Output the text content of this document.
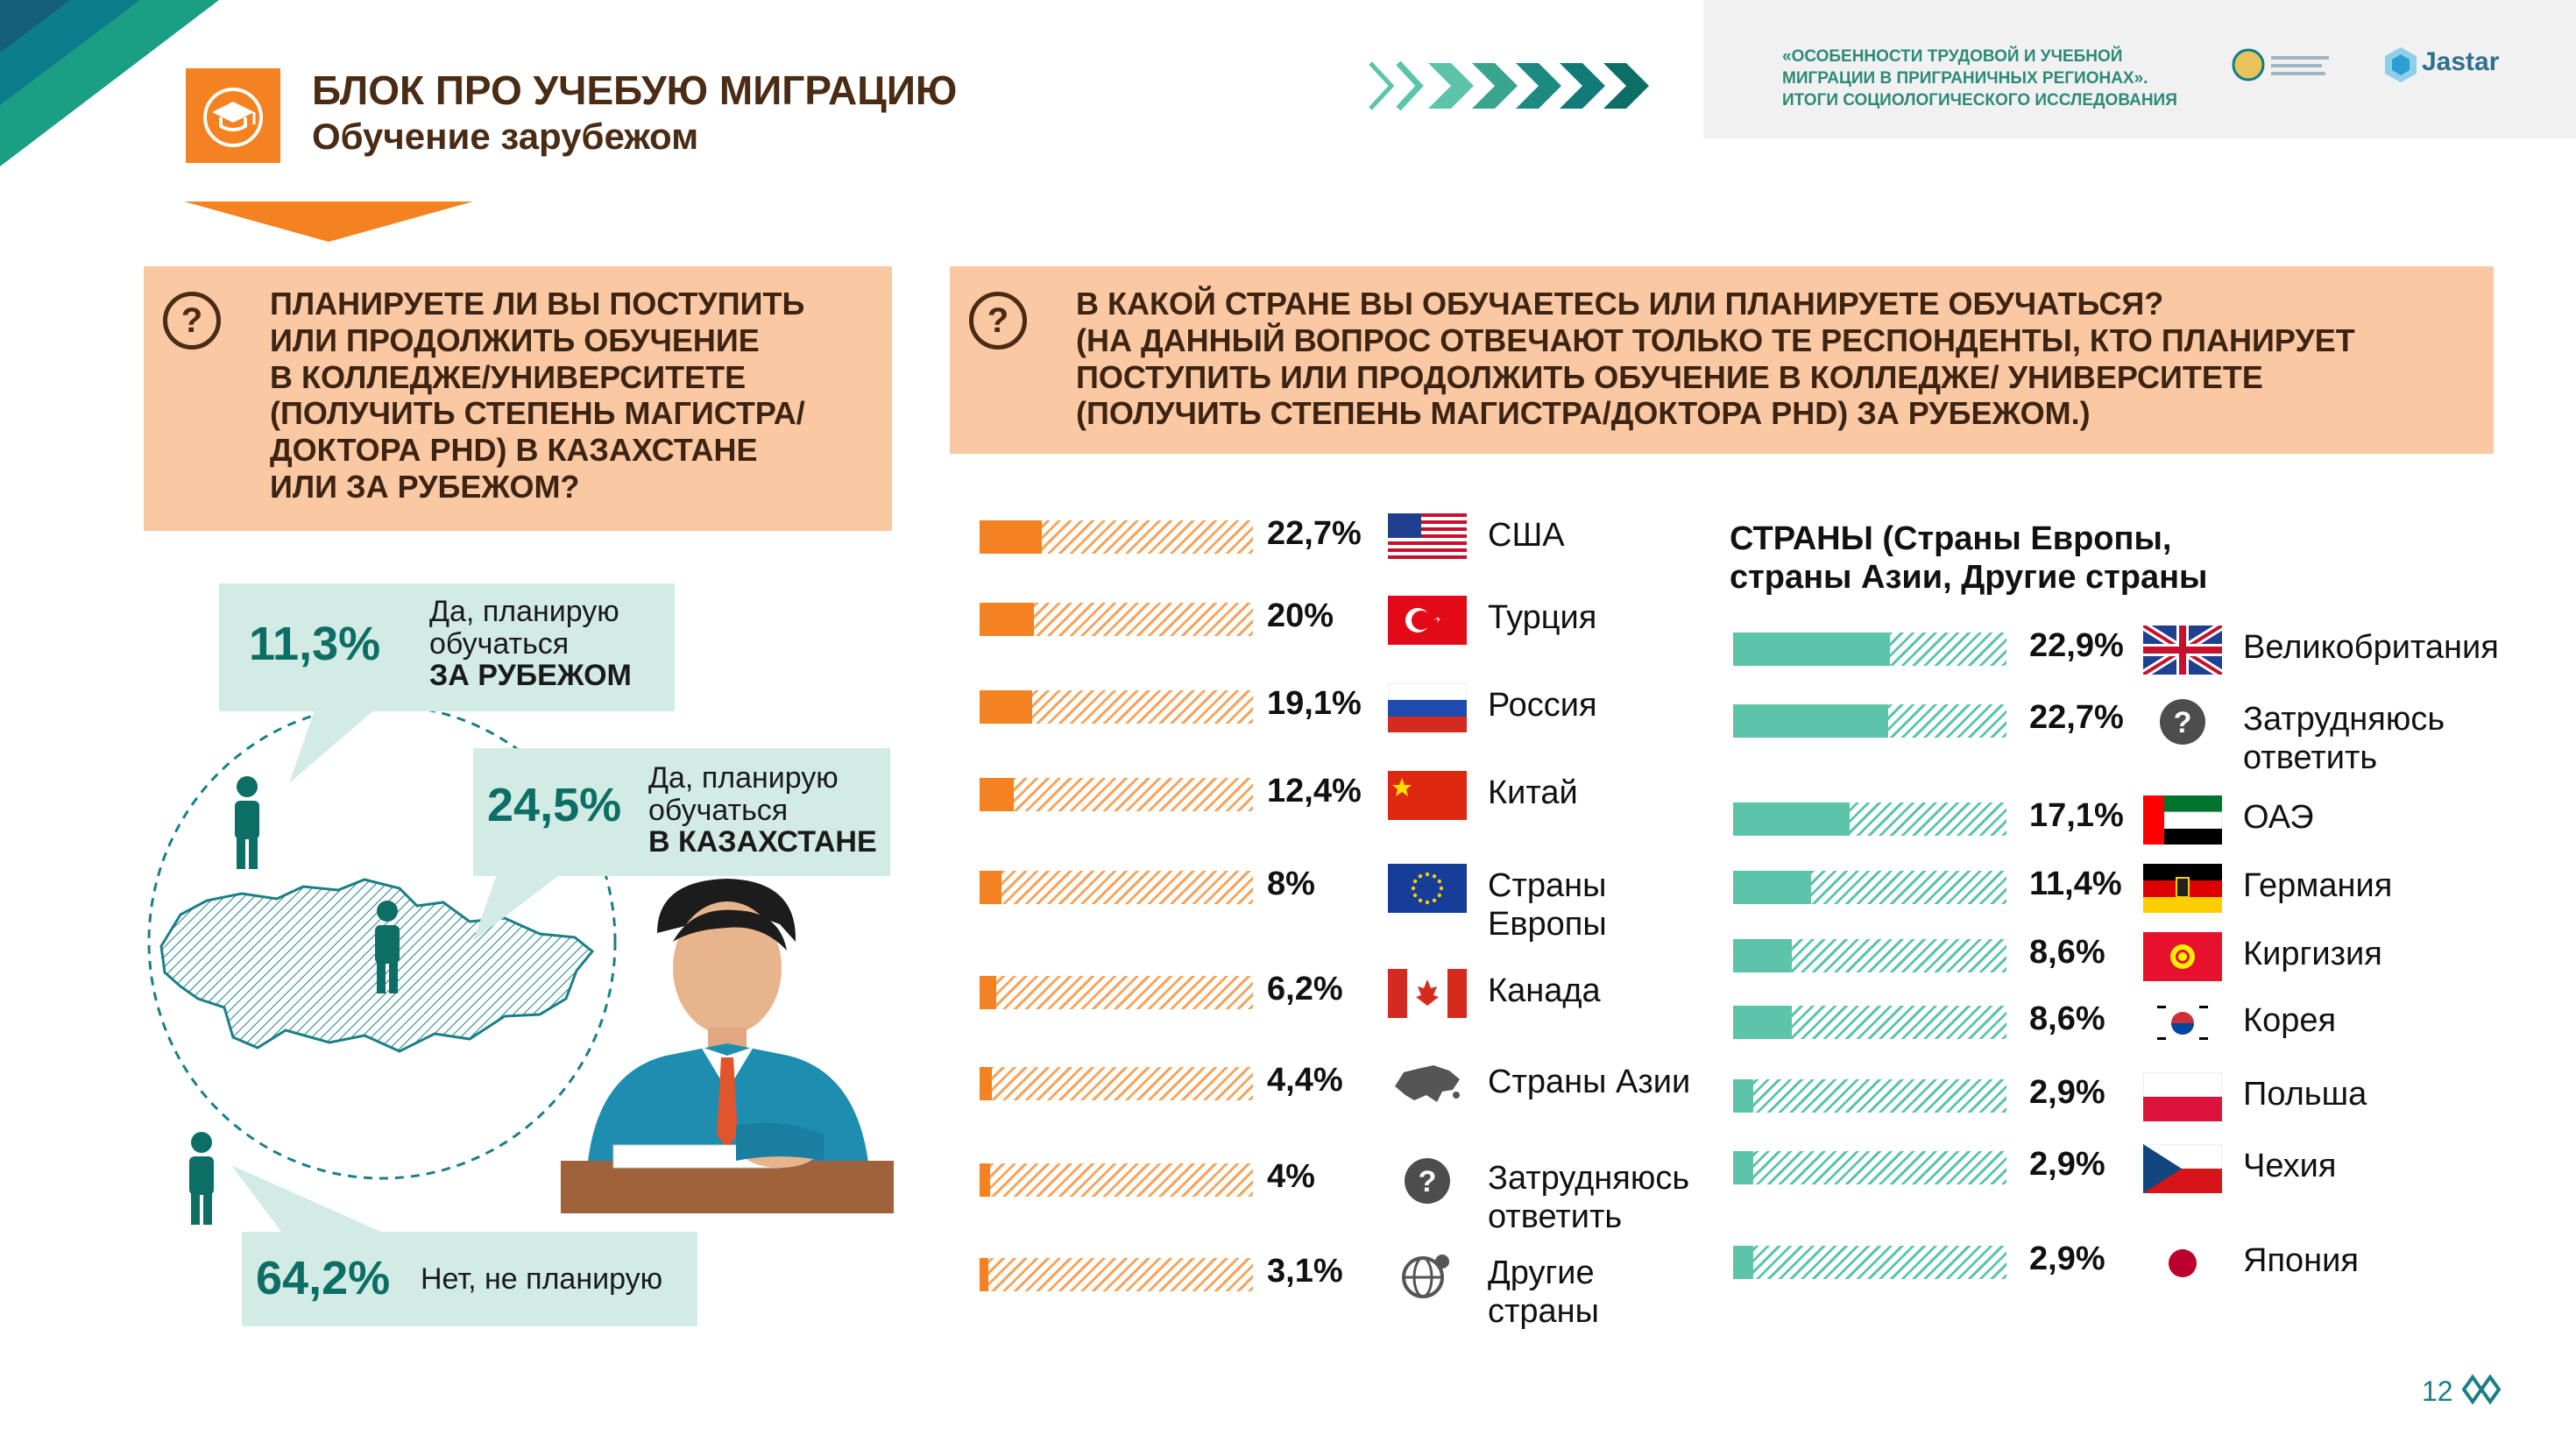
БЛОК ПРО УЧЕБУЮ МИГРАЦИЮ
Обучение зарубежом
«ОСОБЕННОСТИ ТРУДОВОЙ И УЧЕБНОЙ
МИГРАЦИИ В ПРИГРАНИЧНЫХ РЕГИОНАХ».
ИТОГИ СОЦИОЛОГИЧЕСКОГО ИССЛЕДОВАНИЯ
Jastar
?	ПЛАНИРУЕТЕ ЛИ ВЫ ПОСТУПИТЬ
ИЛИ ПРОДОЛЖИТЬ ОБУЧЕНИЕ
В КОЛЛЕДЖЕ/УНИВЕРСИТЕТЕ
(ПОЛУЧИТЬ СТЕПЕНЬ МАГИСТРА/
ДОКТОРА PHD) В КАЗАХСТАНЕ
ИЛИ ЗА РУБЕЖОМ?
?	В КАКОЙ СТРАНЕ ВЫ ОБУЧАЕТЕСЬ ИЛИ ПЛАНИРУЕТЕ ОБУЧАТЬСЯ?
(НА ДАННЫЙ ВОПРОС ОТВЕЧАЮТ ТОЛЬКО ТЕ РЕСПОНДЕНТЫ, КТО ПЛАНИРУЕТ
ПОСТУПИТЬ ИЛИ ПРОДОЛЖИТЬ ОБУЧЕНИЕ В КОЛЛЕДЖЕ/ УНИВЕРСИТЕТЕ
(ПОЛУЧИТЬ СТЕПЕНЬ МАГИСТРА/ДОКТОРА PHD) ЗА РУБЕЖОМ.)
11,3%
Да, планирую
обучаться
ЗА РУБЕЖОМ
24,5%
Да, планирую
обучаться
В КАЗАХСТАНЕ
64,2% Нет, не планирую
22,7%	США
20%	Турция
19,1%	Россия
12,4%	Китай
8%	Страны
Европы
6,2%	Канада
4,4%	Страны Азии
4%	? Затрудняюсь
ответить
3,1%	Другие
страны
СТРАНЫ (Страны Европы,
страны Азии, Другие страны
22,9%	Великобритания
22,7% ? Затрудняюсь
ответить
17,1%	ОАЭ
11,4%	Германия
8,6%	Киргизия
8,6%	Корея
2,9%	Польша
2,9%	Чехия
2,9%	Япония
12
